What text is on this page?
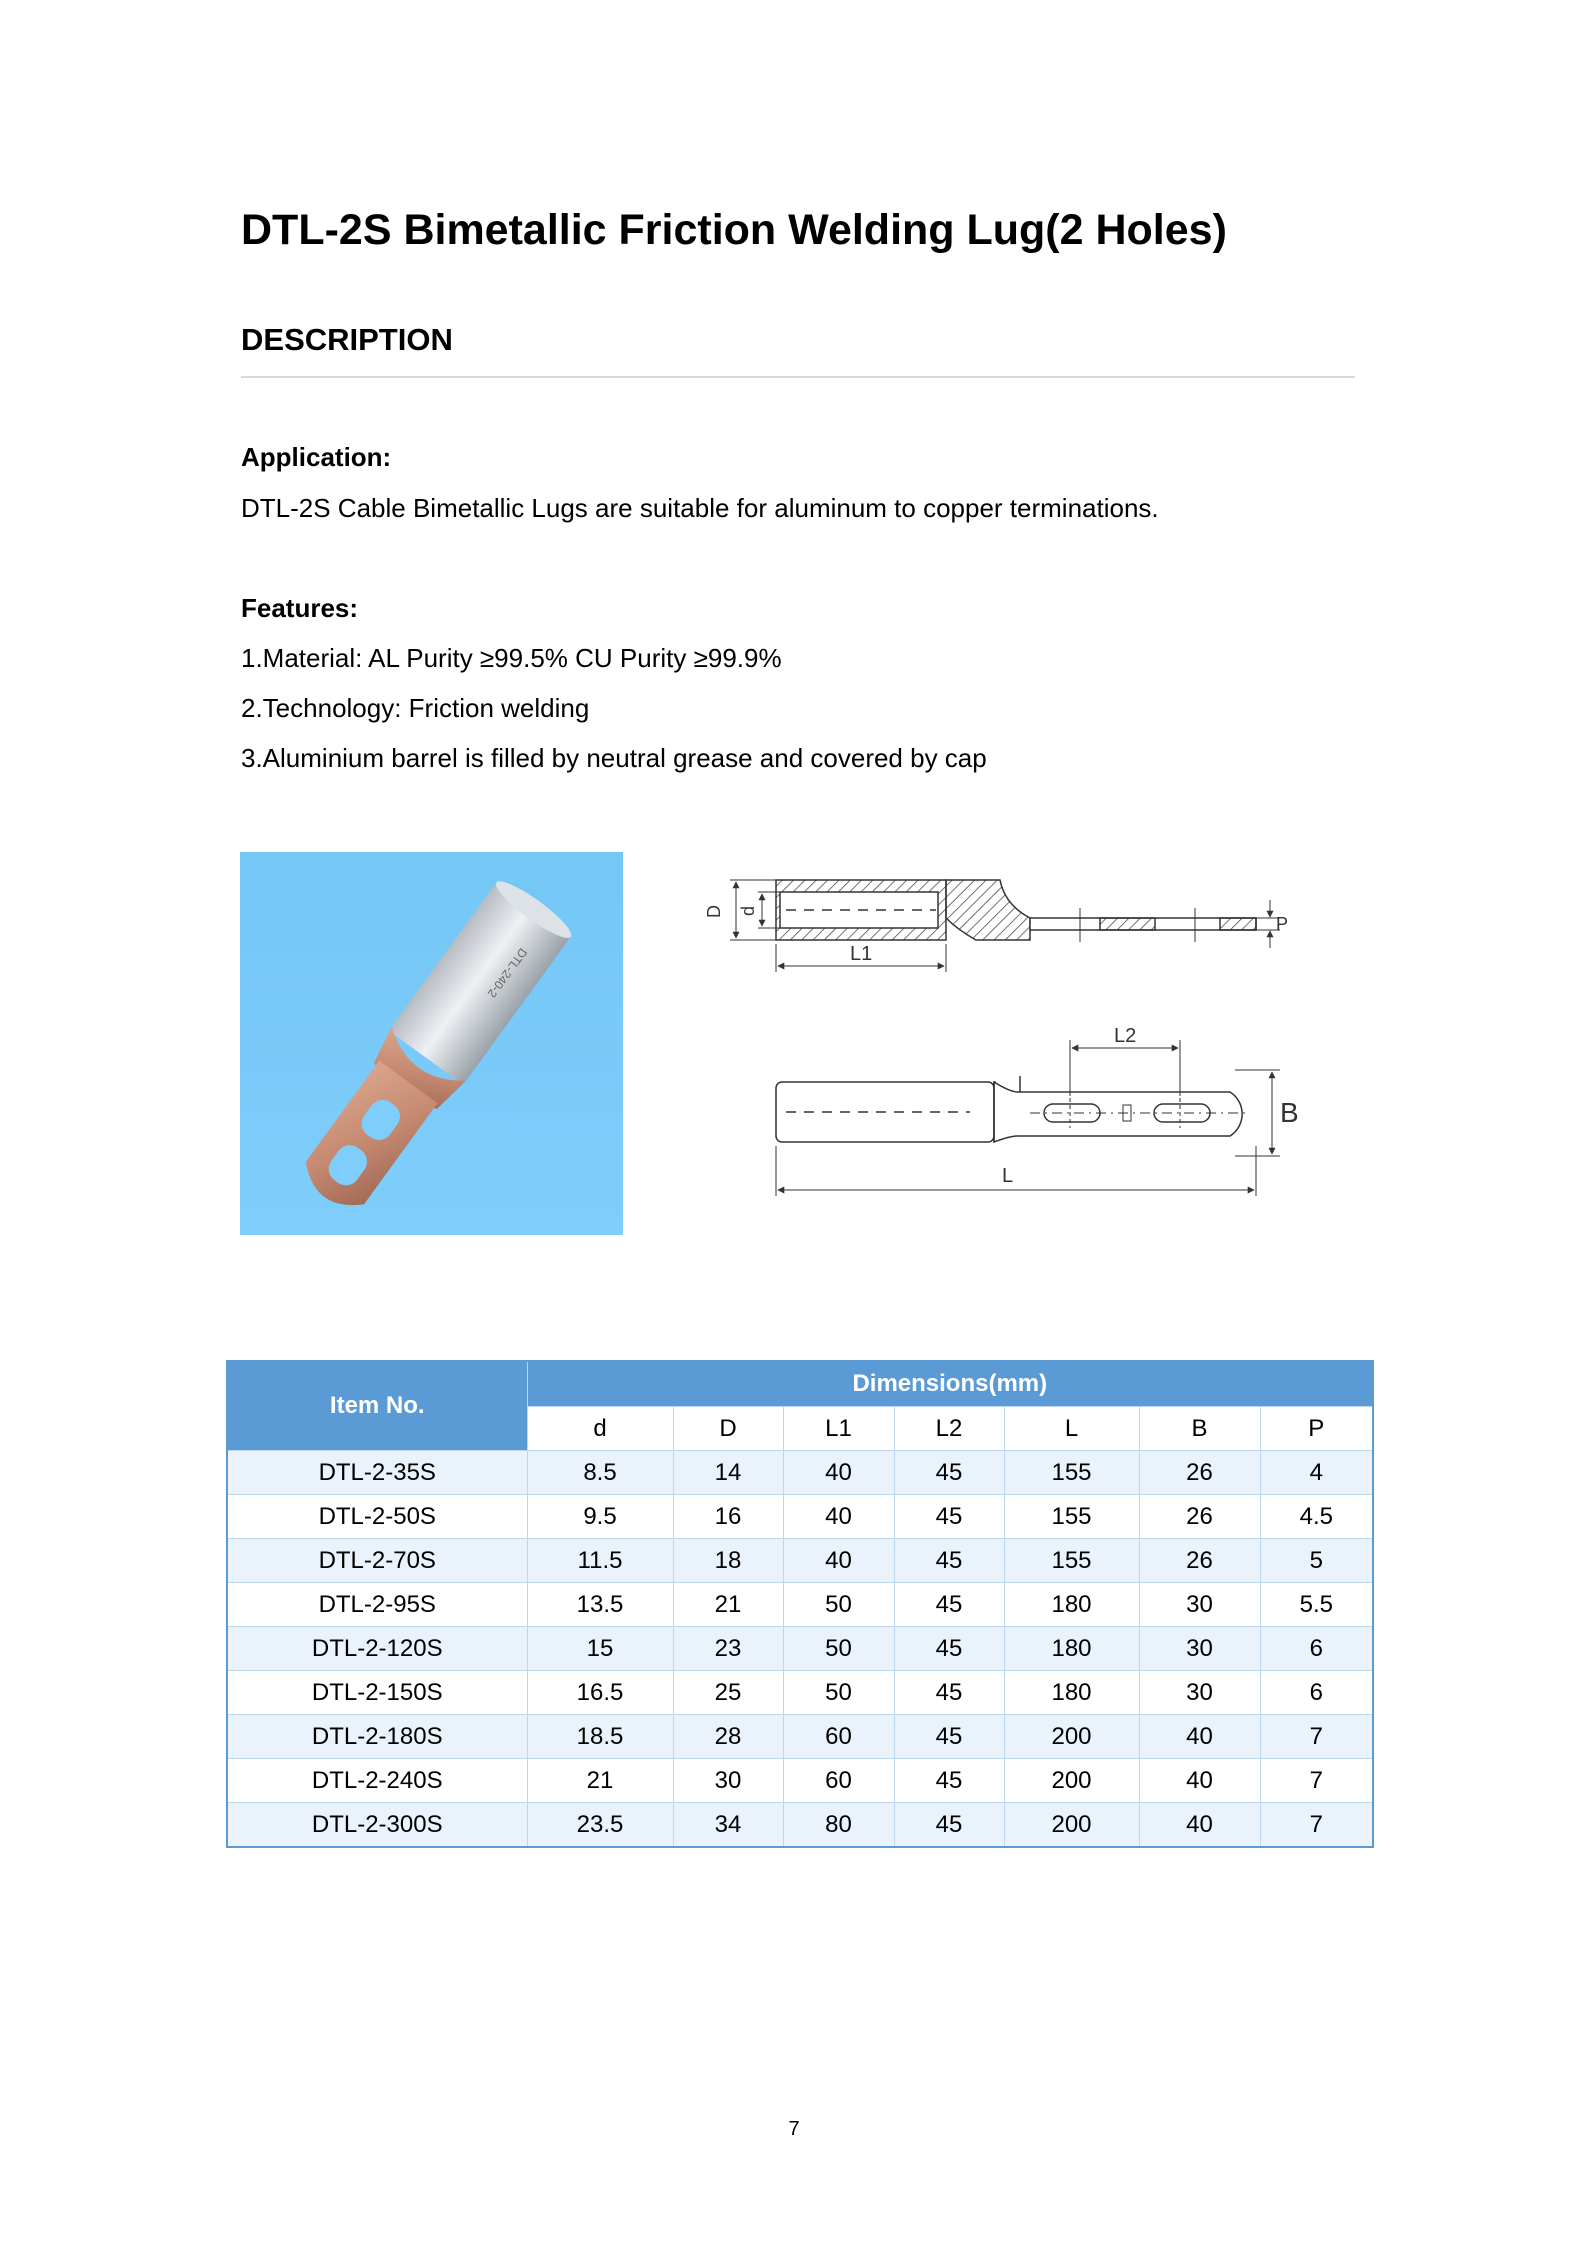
DTL-2S Bimetallic Friction Welding Lug(2 Holes)
DESCRIPTION
Application:
DTL-2S Cable Bimetallic Lugs are suitable for aluminum to copper terminations.
Features:
1.Material: AL Purity ≥99.5% CU Purity ≥99.9%
2.Technology: Friction welding
3.Aluminium barrel is filled by neutral grease and covered by cap
DTL-240-2
D d
L1
P
L2
B
L
Item No.	Dimensions(mm)						
	d	D	L1	L2	L	B	P
DTL-2-35S	8.5	14	40	45	155	26	4
DTL-2-50S	9.5	16	40	45	155	26	4.5
DTL-2-70S	11.5	18	40	45	155	26	5
DTL-2-95S	13.5	21	50	45	180	30	5.5
DTL-2-120S	15	23	50	45	180	30	6
DTL-2-150S	16.5	25	50	45	180	30	6
DTL-2-180S	18.5	28	60	45	200	40	7
DTL-2-240S	21	30	60	45	200	40	7
DTL-2-300S	23.5	34	80	45	200	40	7
7
